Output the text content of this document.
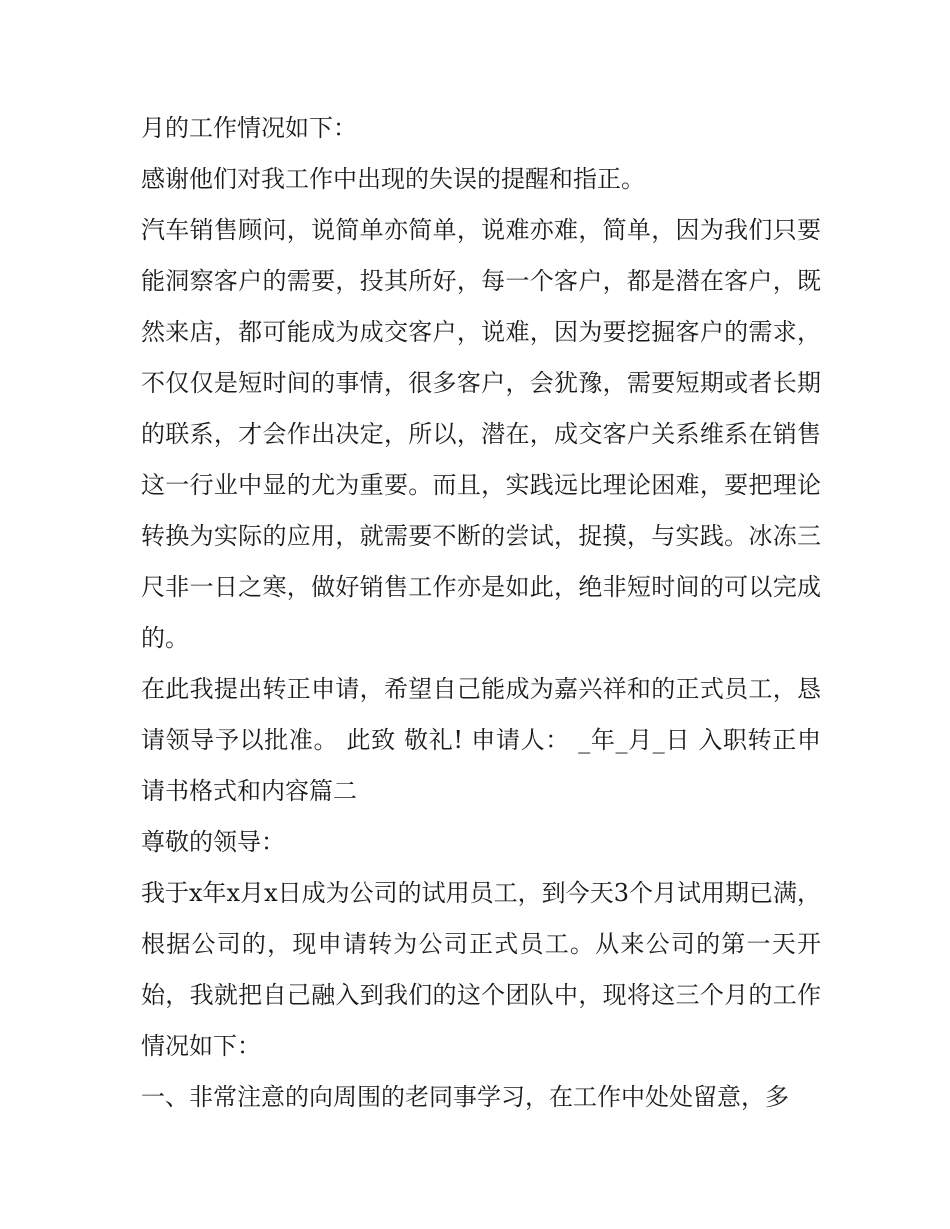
月的工作情况如下：

感谢他们对我工作中出现的失误的提醒和指正。

汽车销售顾问，说简单亦简单，说难亦难，简单，因为我们只要能洞察客户的需要，投其所好，每一个客户，都是潜在客户，既然来店，都可能成为成交客户，说难，因为要挖掘客户的需求，不仅仅是短时间的事情，很多客户，会犹豫，需要短期或者长期的联系，才会作出决定，所以，潜在，成交客户关系维系在销售这一行业中显的尤为重要。而且，实践远比理论困难，要把理论转换为实际的应用，就需要不断的尝试，捉摸，与实践。冰冻三尺非一日之寒，做好销售工作亦是如此，绝非短时间的可以完成的。

在此我提出转正申请，希望自己能成为嘉兴祥和的正式员工，恳请领导予以批准。 此致 敬礼! 申请人： _年_月_日 入职转正申请书格式和内容篇二

尊敬的领导：

我于x年x月x日成为公司的试用员工，到今天3个月试用期已满，根据公司的，现申请转为公司正式员工。从来公司的第一天开始，我就把自己融入到我们的这个团队中，现将这三个月的工作情况如下：

一、非常注意的向周围的老同事学习，在工作中处处留意，多
